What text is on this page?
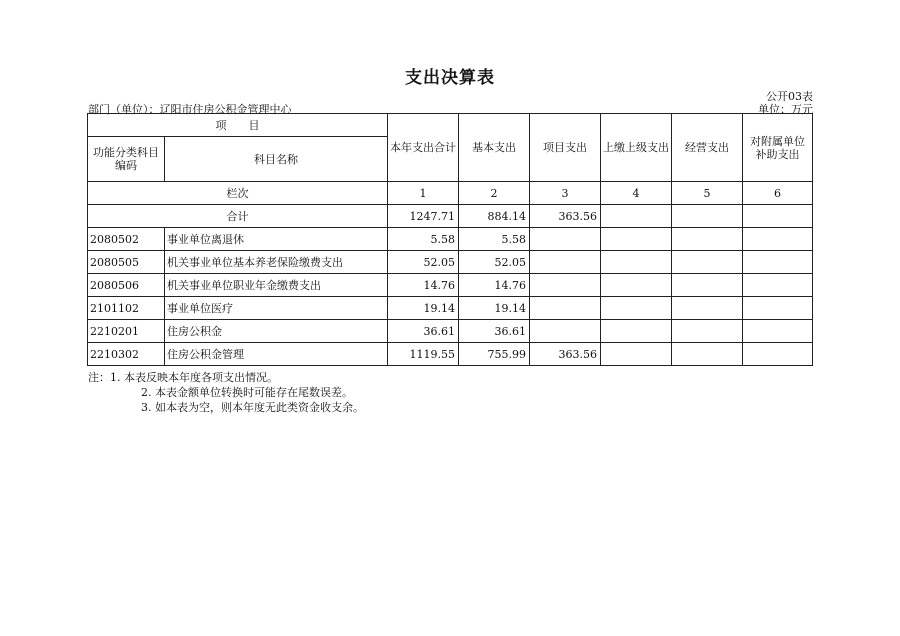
支出决算表
公开03表
部门（单位）：辽阳市住房公积金管理中心	单位：万元
项　　目		本年支出合计	基本支出	项目支出	上缴上级支出	经营支出	对附属单位补助支出
功能分类科目编码	科目名称						
栏次		1	2	3	4	5	6
合计		1247.71	884.14	363.56			
2080502	事业单位离退休	5.58	5.58				
2080505	机关事业单位基本养老保险缴费支出	52.05	52.05				
2080506	机关事业单位职业年金缴费支出	14.76	14.76				
2101102	事业单位医疗	19.14	19.14				
2210201	住房公积金	36.61	36.61				
2210302	住房公积金管理	1119.55	755.99	363.56			
注：1. 本表反映本年度各项支出情况。
2. 本表金额单位转换时可能存在尾数误差。
3. 如本表为空，则本年度无此类资金收支余。
